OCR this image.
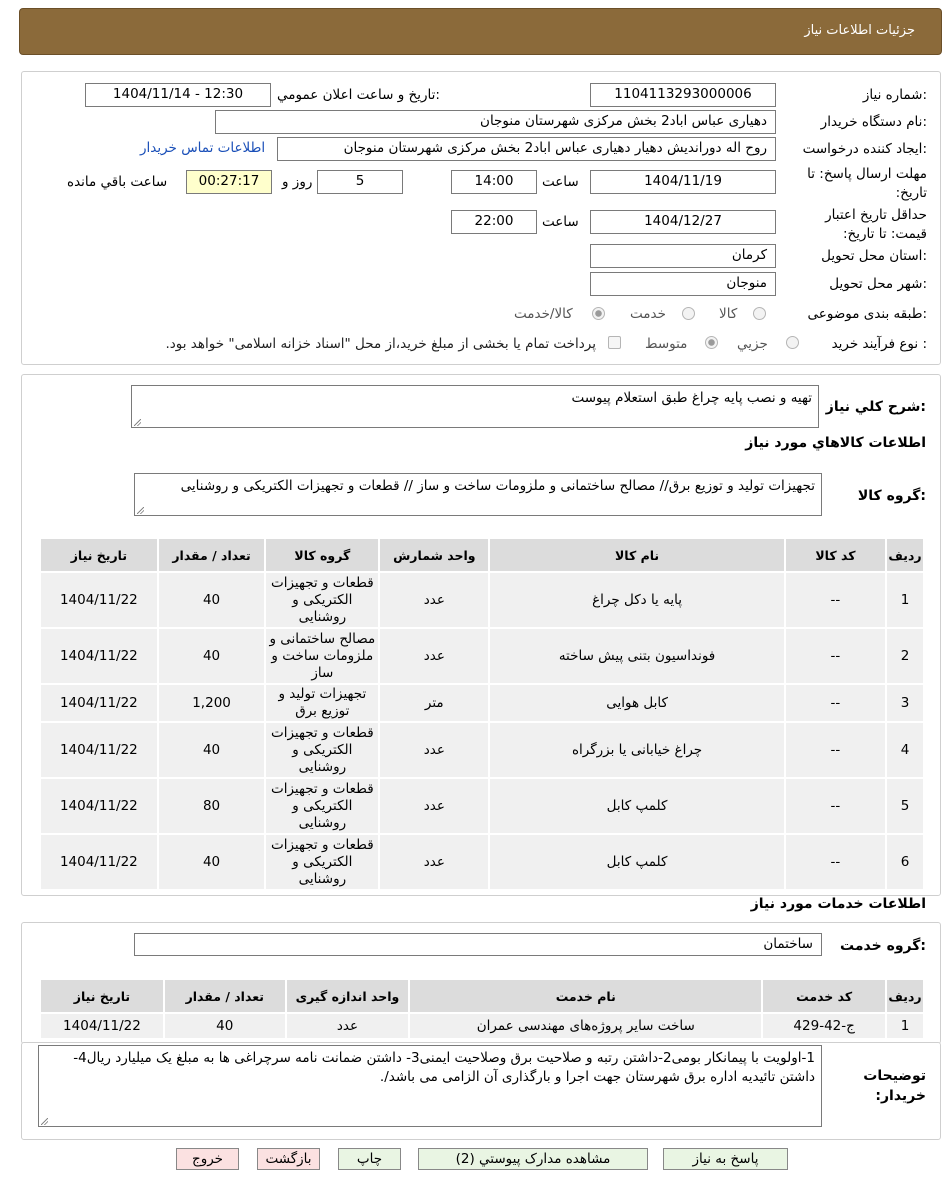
جزئیات اطلاعات نیاز
شماره نیاز:
1104113293000006
تاریخ و ساعت اعلان عمومي:
1404/11/14 - 12:30
نام دستگاه خریدار:
دهیاری عباس اباد2 بخش مرکزی شهرستان منوجان
ایجاد کننده درخواست:
روح اله دوراندیش دهیار دهیاری عباس اباد2 بخش مرکزی شهرستان منوجان
اطلاعات تماس خریدار
مهلت ارسال پاسخ: تا تاریخ:
1404/11/19
ساعت
14:00
5
روز و
00:27:17
ساعت باقي مانده
حداقل تاریخ اعتبار قیمت: تا تاریخ:
1404/12/27
ساعت
22:00
استان محل تحویل:
کرمان
شهر محل تحویل:
منوجان
طبقه بندی موضوعی:
کالا
خدمت
کالا/خدمت
نوع فرآیند خرید :
جزیي
متوسط
پرداخت تمام یا بخشی از مبلغ خرید،از محل "اسناد خزانه اسلامی" خواهد بود.
شرح کلي نیاز:
تهیه و نصب پایه چراغ طبق استعلام پیوست
اطلاعات کالاهاي مورد نیاز
گروه کالا:
تجهیزات تولید و توزیع برق// مصالح ساختمانی و ملزومات ساخت و ساز // قطعات و تجهیزات الکتریکی و روشنایی
ردیف	کد کالا	نام کالا	واحد شمارش	گروه کالا	تعداد / مقدار	تاریخ نیاز
1	--	پایه یا دکل چراغ	عدد	قطعات و تجهیزات الکتریکی و روشنایی	40	1404/11/22
2	--	فونداسیون بتنی پیش ساخته	عدد	مصالح ساختمانی و ملزومات ساخت و ساز	40	1404/11/22
3	--	کابل هوایی	متر	تجهیزات تولید و توزیع برق	1,200	1404/11/22
4	--	چراغ خیابانی یا بزرگراه	عدد	قطعات و تجهیزات الکتریکی و روشنایی	40	1404/11/22
5	--	کلمپ کابل	عدد	قطعات و تجهیزات الکتریکی و روشنایی	80	1404/11/22
6	--	کلمپ کابل	عدد	قطعات و تجهیزات الکتریکی و روشنایی	40	1404/11/22
اطلاعات خدمات مورد نیاز
گروه خدمت:
ساختمان
ردیف	کد خدمت	نام خدمت	واحد اندازه گیری	تعداد / مقدار	تاریخ نیاز
1	ج-42-429	ساخت سایر پروژه‌های مهندسی عمران	عدد	40	1404/11/22
توضیحات خریدار:
1-اولویت با پیمانکار بومی2-داشتن رتبه و صلاحیت برق وصلاحیت ایمنی3- داشتن ضمانت نامه سرچراغی ها به مبلغ یک میلیارد ریال4- داشتن تائیدیه اداره برق شهرستان جهت اجرا و بارگذاری آن الزامی می باشد/.
پاسخ به نیاز
مشاهده مدارک پیوستي (2)
چاپ
بازگشت
خروج
